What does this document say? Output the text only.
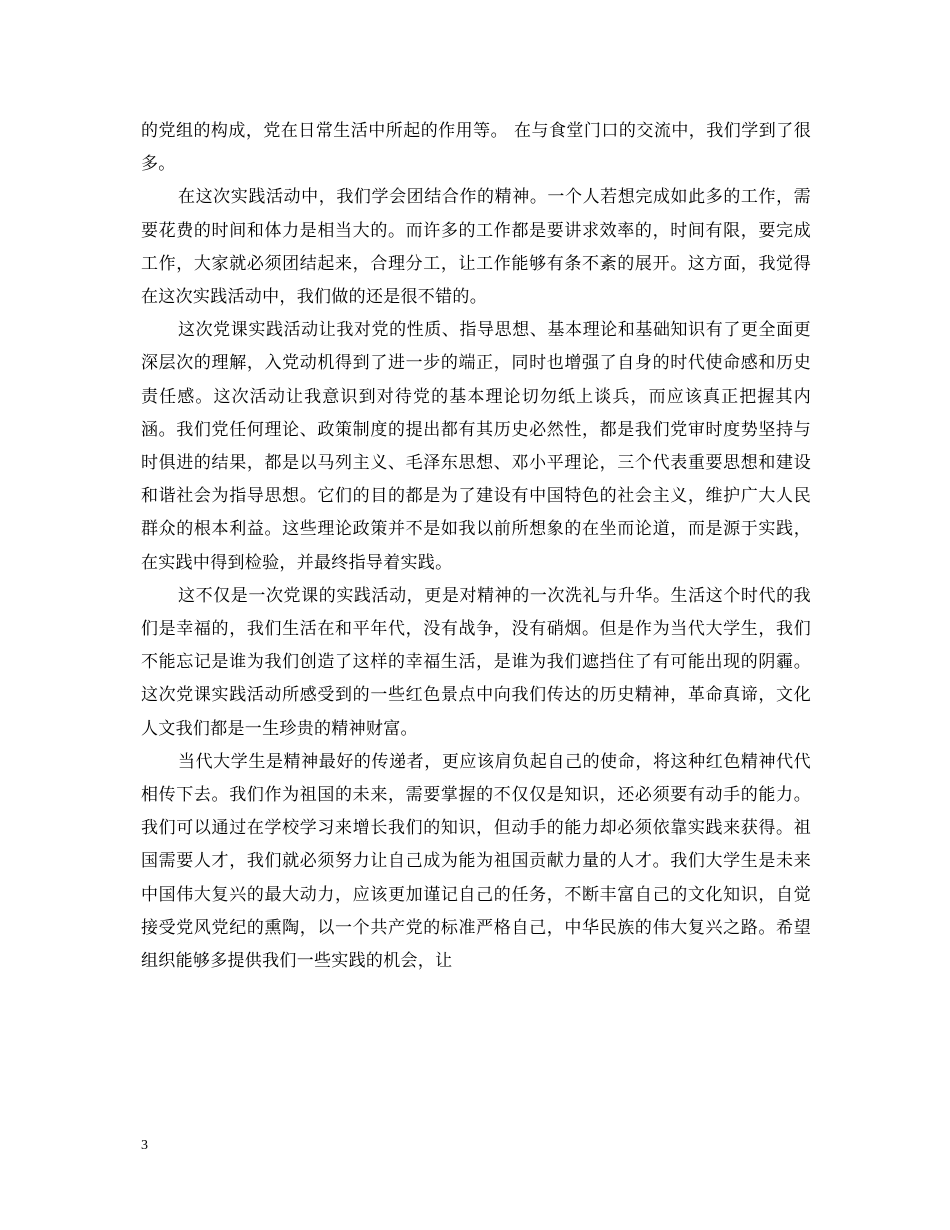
的党组的构成，党在日常生活中所起的作用等。 在与食堂门口的交流中，我们学到了很多。

在这次实践活动中，我们学会团结合作的精神。一个人若想完成如此多的工作，需要花费的时间和体力是相当大的。而许多的工作都是要讲求效率的，时间有限，要完成工作，大家就必须团结起来，合理分工，让工作能够有条不紊的展开。这方面，我觉得在这次实践活动中，我们做的还是很不错的。

这次党课实践活动让我对党的性质、指导思想、基本理论和基础知识有了更全面更深层次的理解，入党动机得到了进一步的端正，同时也增强了自身的时代使命感和历史责任感。这次活动让我意识到对待党的基本理论切勿纸上谈兵，而应该真正把握其内涵。我们党任何理论、政策制度的提出都有其历史必然性，都是我们党审时度势坚持与时俱进的结果，都是以马列主义、毛泽东思想、邓小平理论，三个代表重要思想和建设和谐社会为指导思想。它们的目的都是为了建设有中国特色的社会主义，维护广大人民群众的根本利益。这些理论政策并不是如我以前所想象的在坐而论道，而是源于实践，在实践中得到检验，并最终指导着实践。

这不仅是一次党课的实践活动，更是对精神的一次洗礼与升华。生活这个时代的我们是幸福的，我们生活在和平年代，没有战争，没有硝烟。但是作为当代大学生，我们不能忘记是谁为我们创造了这样的幸福生活，是谁为我们遮挡住了有可能出现的阴霾。这次党课实践活动所感受到的一些红色景点中向我们传达的历史精神，革命真谛，文化人文我们都是一生珍贵的精神财富。

当代大学生是精神最好的传递者，更应该肩负起自己的使命，将这种红色精神代代相传下去。我们作为祖国的未来，需要掌握的不仅仅是知识，还必须要有动手的能力。我们可以通过在学校学习来增长我们的知识，但动手的能力却必须依靠实践来获得。祖国需要人才，我们就必须努力让自己成为能为祖国贡献力量的人才。我们大学生是未来中国伟大复兴的最大动力，应该更加谨记自己的任务，不断丰富自己的文化知识，自觉接受党风党纪的熏陶，以一个共产党的标准严格自己，中华民族的伟大复兴之路。希望组织能够多提供我们一些实践的机会，让

3
